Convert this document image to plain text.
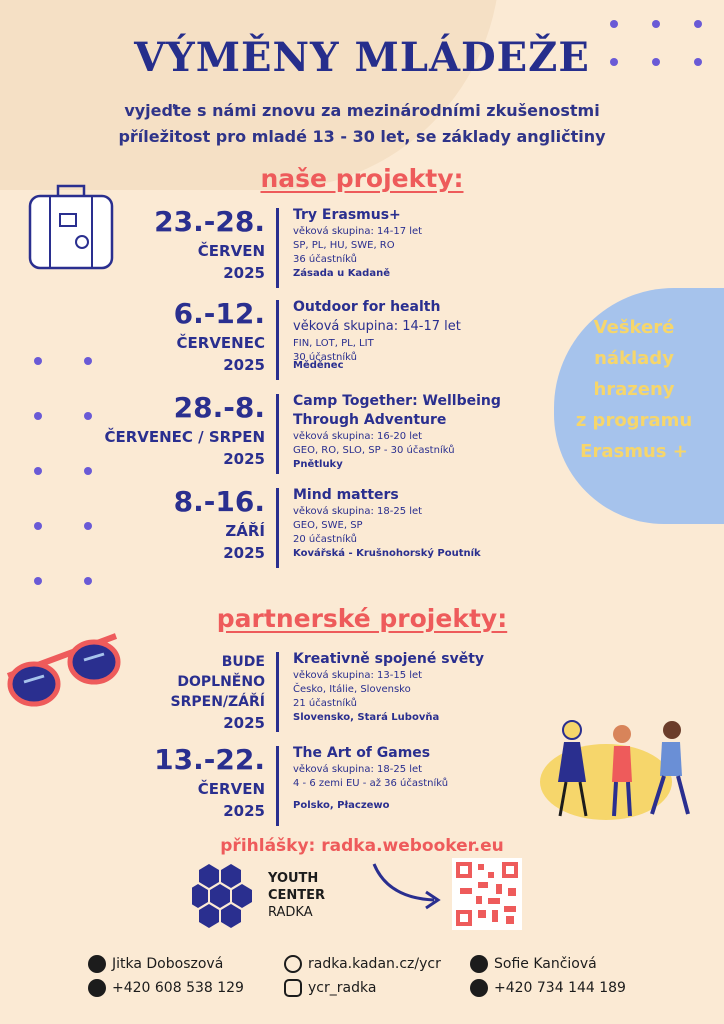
Veškeré
náklady
hrazeny
z programu
Erasmus +
VÝMĚNY MLÁDEŽE
vyjeďte s námi znovu za mezinárodními zkušenostmi
příležitost pro mladé 13 - 30 let, se základy angličtiny
naše projekty:
23.-28.
ČERVEN
2025
Try Erasmus+
věková skupina: 14-17 let
SP, PL, HU, SWE, RO
36 účastníků
Zásada u Kadaně
6.-12.
ČERVENEC
2025
Outdoor for health
věková skupina: 14-17 let
FIN, LOT, PL, LIT
30 účastníků
Měděnec
28.-8.
ČERVENEC / SRPEN
2025
Camp Together: Wellbeing Through Adventure
věková skupina: 16-20 let
GEO, RO, SLO, SP - 30 účastníků
Pnětluky
8.-16.
ZÁŘÍ
2025
Mind matters
věková skupina: 18-25 let
GEO, SWE, SP
20 účastníků
Kovářská - Krušnohorský Poutník
partnerské projekty:
BUDE DOPLNĚNO SRPEN/ZÁŘÍ
2025
Kreativně spojené světy
věková skupina: 13-15 let
Česko, Itálie, Slovensko
21 účastníků
Slovensko, Stará Lubovňa
13.-22.
ČERVEN
2025
The Art of Games
věková skupina: 18-25 let
4 - 6 zemi EU - až 36 účastníků
Polsko, Płaczewo
přihlášky: radka.webooker.eu
YOUTH
CENTER
RADKA
Jitka Doboszová
+420 608 538 129
radka.kadan.cz/ycr
ycr_radka
Sofie Kančiová
+420 734 144 189
